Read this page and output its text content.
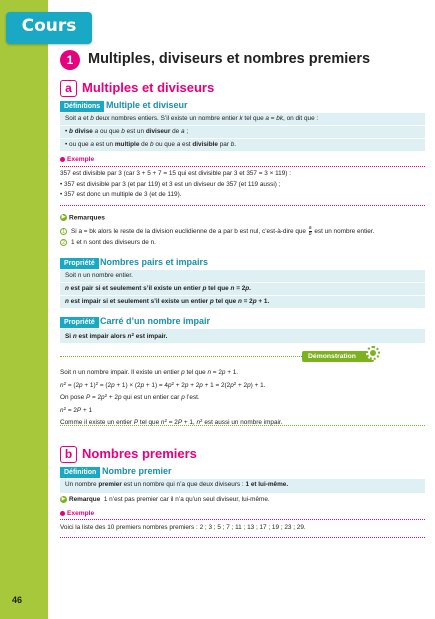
Cours
46
1	Multiples, diviseurs et nombres premiers
a Multiples et diviseurs
Définitions Multiple et diviseur

Soit a et b deux nombres entiers. S’il existe un nombre entier k tel que a = bk, on dit que :

• b divise a ou que b est un diviseur de a ;

• ou que a est un multiple de b ou que a est divisible par b.

Exemple
357 est divisible par 3 (car 3 + 5 + 7 = 15 qui est divisible par 3 et 357 = 3 × 119) :
• 357 est divisible par 3 (et par 119) et 3 est un diviseur de 357 (et 119 aussi) ;
• 357 est donc un multiple de 3 (et de 119).
▶ Remarques
1 Si a = bk alors le reste de la division euclidienne de a par b est nul, c’est-à-dire que $\frac{a}{b}$ est un nombre entier.
2 1 et n sont des diviseurs de n.
Propriété Nombres pairs et impairs

Soit n un nombre entier.

n est pair si et seulement s’il existe un entier p tel que n = 2p.

n est impair si et seulement s’il existe un entier p tel que n = 2p + 1.

Propriété Carré d’un nombre impair

Si n est impair alors $n^2$ est impair.

Démonstration
Soit n un nombre impair. Il existe un entier p tel que n = 2p + 1.
$n^2 = (2p + 1)^2 = (2p + 1) \times (2p + 1) = 4p^2 + 2p + 2p + 1 = 2(2p^2 + 2p) + 1$.
On pose $P = 2p^2 + 2p$ qui est un entier car p l’est.
$n^2 = 2P + 1$
Comme il existe un entier P tel que $n^2 = 2P + 1$, $n^2$ est aussi un nombre impair.
b Nombres premiers
Définition Nombre premier

Un nombre premier est un nombre qui n’a que deux diviseurs : 1 et lui-même.

▶ Remarque 1 n’est pas premier car il n’a qu’un seul diviseur, lui-même.
Exemple
Voici la liste des 10 premiers nombres premiers : 2 ; 3 ; 5 ; 7 ; 11 ; 13 ; 17 ; 19 ; 23 ; 29.
